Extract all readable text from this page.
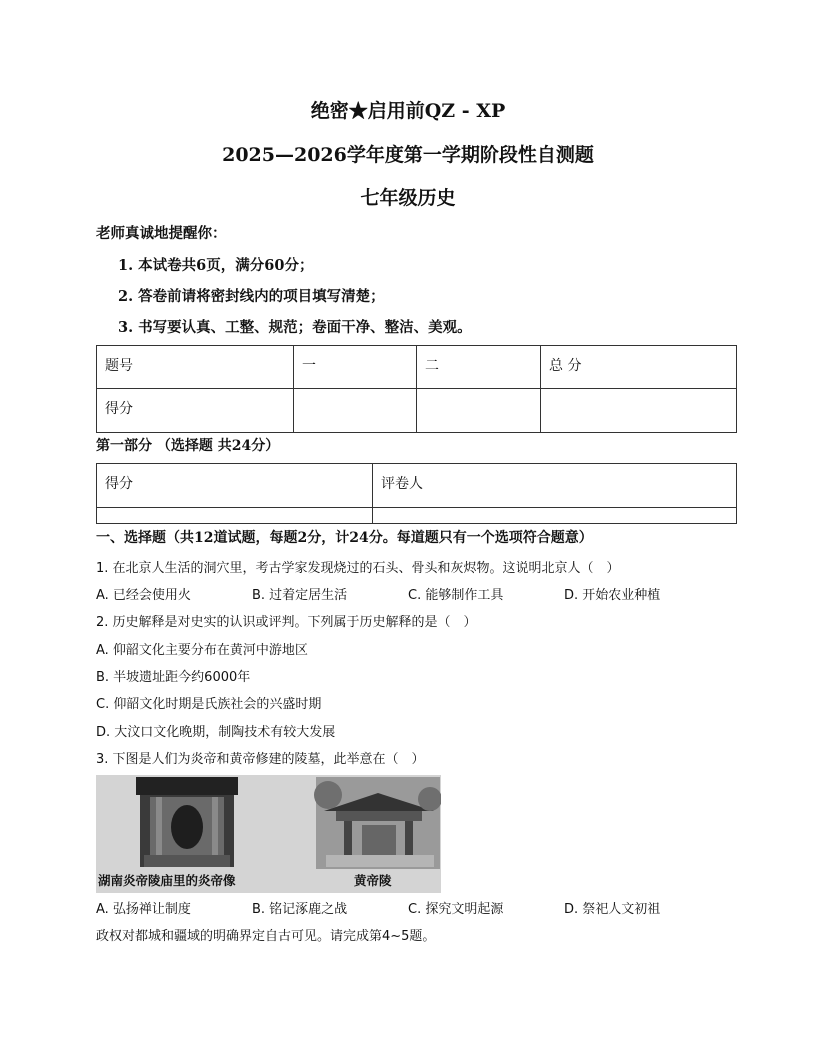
绝密★启用前QZ - XP
2025—2026学年度第一学期阶段性自测题
七年级历史
老师真诚地提醒你：
1. 本试卷共6页，满分60分；
2. 答卷前请将密封线内的项目填写清楚；
3. 书写要认真、工整、规范；卷面干净、整洁、美观。
题号	一	二	总 分
得分			
第一部分 （选择题 共24分）
得分	评卷人

一、选择题（共12道试题，每题2分，计24分。每道题只有一个选项符合题意）
1. 在北京人生活的洞穴里，考古学家发现烧过的石头、骨头和灰烬物。这说明北京人（　）
A. 已经会使用火	B. 过着定居生活	C. 能够制作工具	D. 开始农业种植
2. 历史解释是对史实的认识或评判。下列属于历史解释的是（　）
A. 仰韶文化主要分布在黄河中游地区
B. 半坡遗址距今约6000年
C. 仰韶文化时期是氏族社会的兴盛时期
D. 大汶口文化晚期，制陶技术有较大发展
3. 下图是人们为炎帝和黄帝修建的陵墓，此举意在（　）
湖南炎帝陵庙里的炎帝像	黄帝陵
A. 弘扬禅让制度	B. 铭记涿鹿之战	C. 探究文明起源	D. 祭祀人文初祖
政权对都城和疆域的明确界定自古可见。请完成第4~5题。
